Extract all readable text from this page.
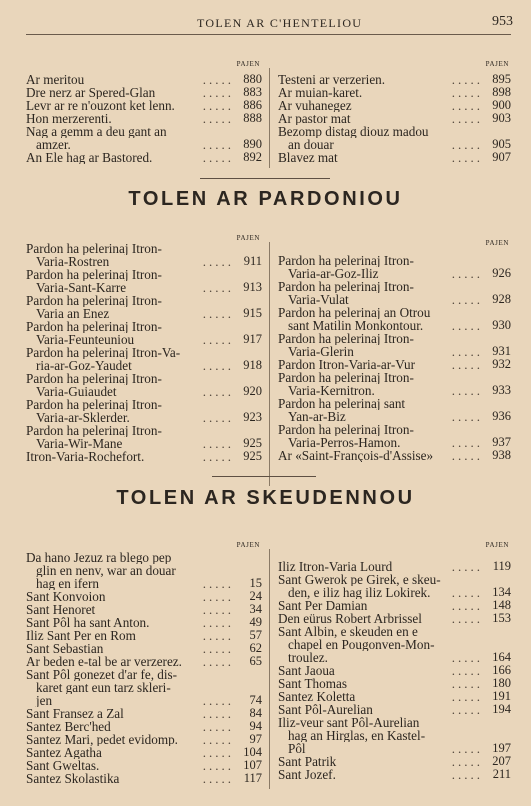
TOLEN AR C'HENTELIOU	953
PAJEN
Ar meritou	..... 880
Dre nerz ar Spered-Glan	..... 883
Levr ar re n'ouzont ket lenn. ..... 886
Hon merzerenti.	..... 888
Nag a gemm a deu gant an
amzer.	..... 890
An Ele hag ar Bastored.	..... 892
PAJEN
Testeni ar verzerien.	..... 895
Ar muian-karet.	..... 898
Ar vuhanegez	..... 900
Ar pastor mat	..... 903
Bezomp distag diouz madou
an douar	..... 905
Blavez mat	..... 907
TOLEN AR PARDONIOU
PAJEN
Pardon ha pelerinaj Itron-
Varia-Rostren	..... 911
Pardon ha pelerinaj Itron-
Varia-Sant-Karre	..... 913
Pardon ha pelerinaj Itron-
Varia an Enez	..... 915
Pardon ha pelerinaj Itron-
Varia-Feunteuniou	..... 917
Pardon ha pelerinaj Itron-Va-
ria-ar-Goz-Yaudet	..... 918
Pardon ha pelerinaj Itron-
Varia-Guiaudet	..... 920
Pardon ha pelerinaj Itron-
Varia-ar-Sklerder.	..... 923
Pardon ha pelerinaj Itron-
Varia-Wir-Mane	..... 925
Itron-Varia-Rochefort.	..... 925
PAJEN
Pardon ha pelerinaj Itron-
Varia-ar-Goz-Iliz	..... 926
Pardon ha pelerinaj Itron-
Varia-Vulat	..... 928
Pardon ha pelerinaj an Otrou
sant Matilin Monkontour. ..... 930
Pardon ha pelerinaj Itron-
Varia-Glerin	..... 931
Pardon Itron-Varia-ar-Vur	..... 932
Pardon ha pelerinaj Itron-
Varia-Kernitron.	..... 933
Pardon ha pelerinaj sant
Yan-ar-Biz	..... 936
Pardon ha pelerinaj Itron-
Varia-Perros-Hamon.	..... 937
Ar «Saint-François-d'Assise» ..... 938
TOLEN AR SKEUDENNOU
PAJEN
Da hano Jezuz ra blego pep
glin en nenv, war an douar
hag en ifern	.....	15
Sant Konvoion	.....	24
Sant Henoret	.....	34
Sant Pôl ha sant Anton.	.....	49
Iliz Sant Per en Rom	.....	57
Sant Sebastian	.....	62
Ar beden e-tal be ar verzerez. .....	65
Sant Pôl gonezet d'ar fe, dis-
karet gant eun tarz skleri-
jen	.....	74
Sant Fransez a Zal	.....	84
Santez Berc'hed	.....	94
Santez Mari, pedet evidomp. .....	97
Santez Agatha	..... 104
Sant Gweltas.	..... 107
Santez Skolastika	..... 117
PAJEN
Iliz Itron-Varia Lourd	..... 119
Sant Gwerok pe Girek, e skeu-
den, e iliz hag iliz Lokirek. ..... 134
Sant Per Damian	..... 148
Den eürus Robert Arbrissel ..... 153
Sant Albin, e skeuden en e
chapel en Pougonven-Mon-
troulez.	..... 164
Sant Jaoua	..... 166
Sant Thomas	..... 180
Santez Koletta	..... 191
Sant Pôl-Aurelian	..... 194
Iliz-veur sant Pôl-Aurelian
hag an Hirglas, en Kastel-
Pôl	..... 197
Sant Patrik	..... 207
Sant Jozef.	..... 211
